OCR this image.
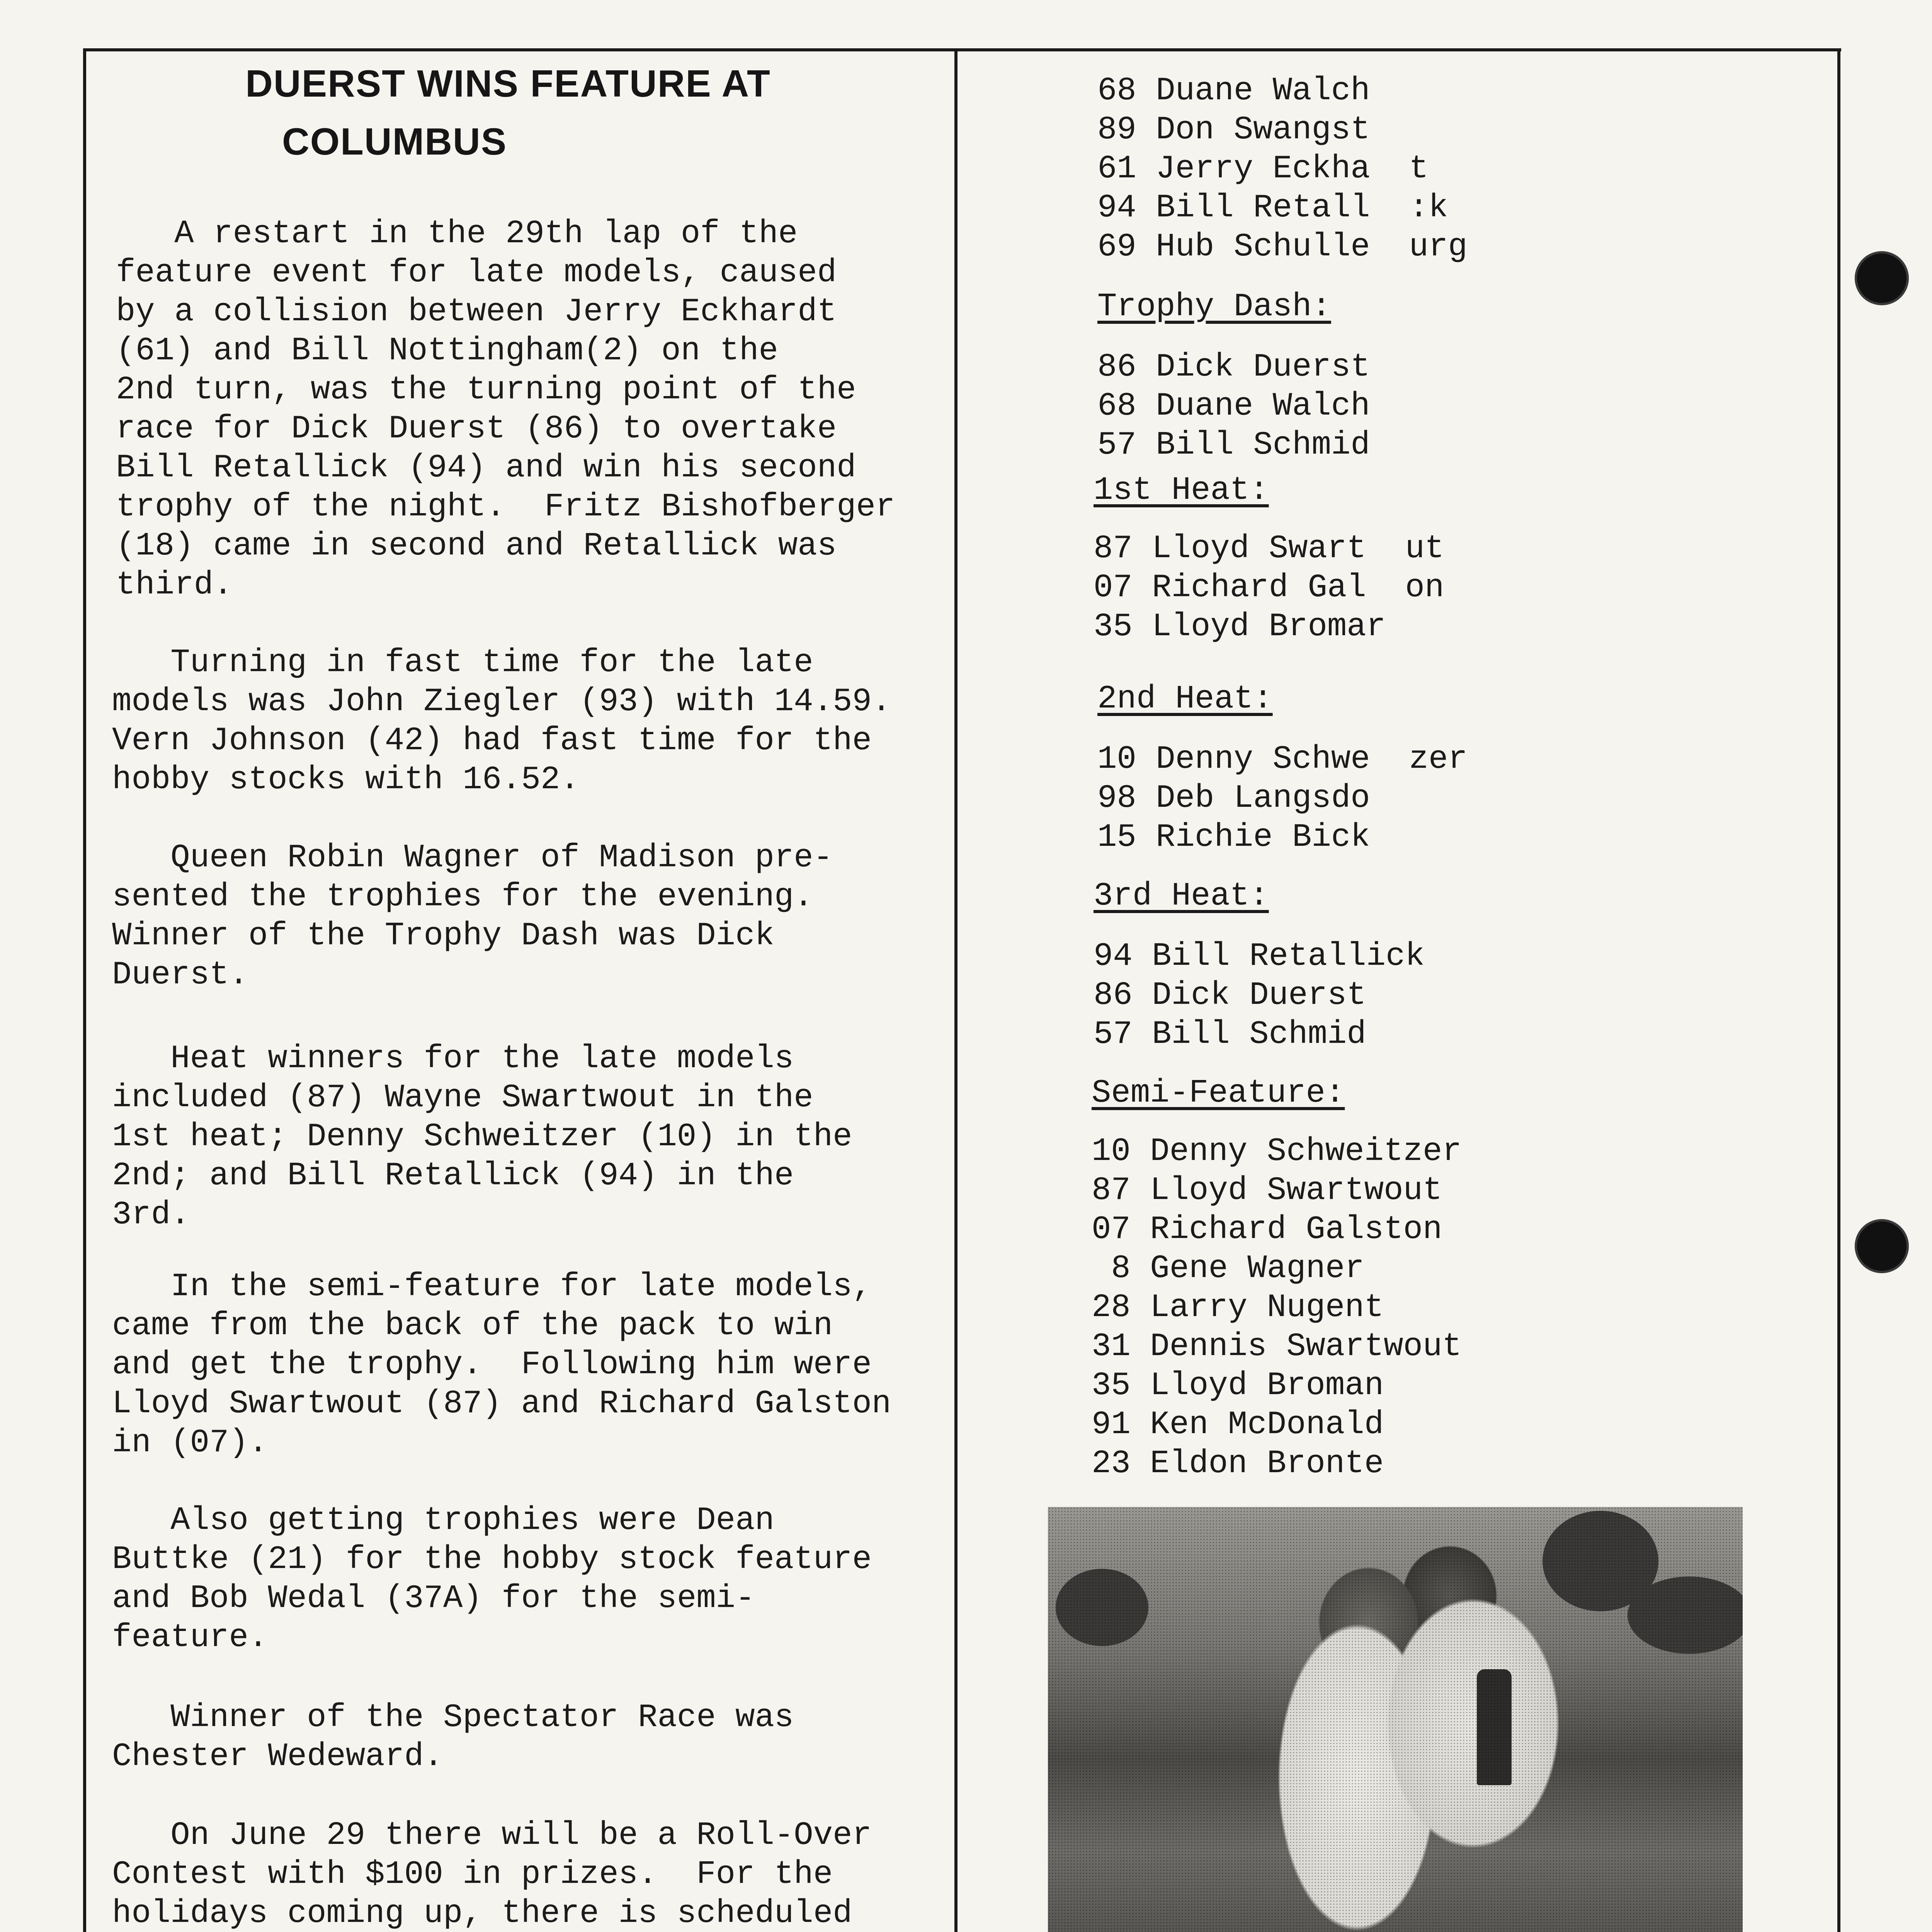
DUERST WINS FEATURE AT
COLUMBUS
A restart in the 29th lap of the
feature event for late models, caused
by a collision between Jerry Eckhardt
(61) and Bill Nottingham(2) on the
2nd turn, was the turning point of the
race for Dick Duerst (86) to overtake
Bill Retallick (94) and win his second
trophy of the night.  Fritz Bishofberger
(18) came in second and Retallick was
third.
Turning in fast time for the late
models was John Ziegler (93) with 14.59.
Vern Johnson (42) had fast time for the
hobby stocks with 16.52.
Queen Robin Wagner of Madison pre-
sented the trophies for the evening.
Winner of the Trophy Dash was Dick
Duerst.
Heat winners for the late models
included (87) Wayne Swartwout in the
1st heat; Denny Schweitzer (10) in the
2nd; and Bill Retallick (94) in the
3rd.
In the semi-feature for late models,
came from the back of the pack to win
and get the trophy.  Following him were
Lloyd Swartwout (87) and Richard Galston
in (07).
Also getting trophies were Dean
Buttke (21) for the hobby stock feature
and Bob Wedal (37A) for the semi-
feature.
Winner of the Spectator Race was
Chester Wedeward.
On June 29 there will be a Roll-Over
Contest with $100 in prizes.  For the
holidays coming up, there is scheduled

68 Duane Walch
89 Don Swangst
61 Jerry Eckha  t
94 Bill Retall  :k
69 Hub Schulle  urg
Trophy Dash:
86 Dick Duerst
68 Duane Walch
57 Bill Schmid
1st Heat:
87 Lloyd Swart  ut
07 Richard Gal  on
35 Lloyd Bromar
2nd Heat:
10 Denny Schwe  zer
98 Deb Langsdo
15 Richie Bick
3rd Heat:
94 Bill Retallick
86 Dick Duerst
57 Bill Schmid
Semi-Feature:
10 Denny Schweitzer
87 Lloyd Swartwout
07 Richard Galston
8 Gene Wagner
28 Larry Nugent
31 Dennis Swartwout
35 Lloyd Broman
91 Ken McDonald
23 Eldon Bronte
